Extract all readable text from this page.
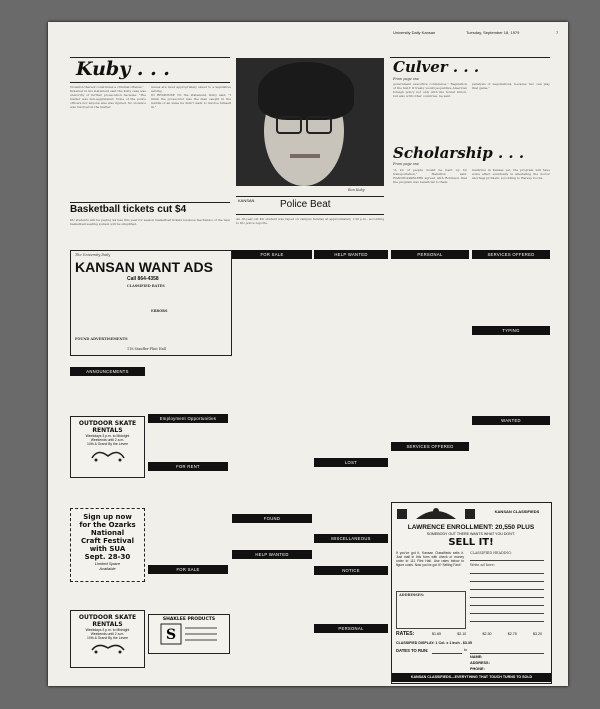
University Daily Kansan	Tuesday, September 18, 1979	7
Kuby . . .
Violation thereof constitutes a criminal offense."
Kraemer in his statement said the Kuby case was unworthy of further prosecution because: "The matter was non-aggravated. None of the police officers nor anyone else was injured. No violence was involved in the matter.
issues are most appropriately saved to a legislative setting.
IN RESPONSE TO the statement, Kuby said, "I think the prosecutor was the man caught in the middle of an issue he didn't want to involve himself in."
Ron Kuby
Basketball tickets cut $4
KU students will be paying $4 less this year for season basketball tickets because mechanics of the new basketball seating system will be simplified.
KANSAN	Police Beat
An 18-year-old KU student was raped on campus Sunday at approximately 1:30 p.m., according to KU police reports.
Culver . . .
From page one
government executive conference." Regulation of the SALT II treaty would jeopardize American foreign policy not only with the Soviet Union, but also with other countries, he said.
paralysis of negotiations, because two can play that game."
Scholarship . . .
From page one
"A lot of people would be hard up for transportation," Hamilton said. HANDICAPABLERS agreed with Robinson that the program was beneficial to them.
medicine in Kansas yet, the program will have some effect eventually in alleviating the doctor shortage problem, according to Harvey Coons.
The University Daily
KANSAN WANT ADS
Call 864-4358
CLASSIFIED RATES
ERRORS
FOUND ADVERTISEMENTS
118 Stauffer-Flint Hall
ANNOUNCEMENTS
OUTDOOR SKATE RENTALS
Weekdays 3 p.m. to Midnight
Weekends until 2 a.m.
10th & Grand By the Levee
Sign up now
for the Ozarks
National
Craft Festival
with SUA
Sept. 28-30
Limited Space
Available
OUTDOOR SKATE RENTALS
Weekdays 3 p.m. to Midnight
Weekends until 2 a.m.
10th & Grand By the Levee
Employment Opportunities
FOR RENT
FOR SALE
SHAKLEE PRODUCTS
S
FOR SALE
FOUND
HELP WANTED
HELP WANTED
LOST
MISCELLANEOUS
NOTICE
PERSONAL
PERSONAL
SERVICES OFFERED
SERVICES OFFERED
TYPING
WANTED
KANSAN CLASSIFIEDS
LAWRENCE ENROLLMENT: 20,550 PLUS
SOMEBODY OUT THERE WANTS WHAT YOU DON'T.
SELL IT!
If you've got it, Kansan Classifieds sells it. Just mail in this form with check or money order to 111 Flint Hall. Use rates below to figure costs. Now you've got it? Selling Fast!
CLASSIFIED HEADING:
Write ad here:
ADDRESSES:
RATES:	$1.65	$2.10	$2.30	$2.75	$3.20
CLASSIFIED DISPLAY: 1 Col. x 1 Inch - $3.35
DATES TO RUN:	to
NAME:
ADDRESS:
PHONE:
KANSAN CLASSIFIEDS—EVERYTHING THAT TOUCH TURNS TO SOLD
